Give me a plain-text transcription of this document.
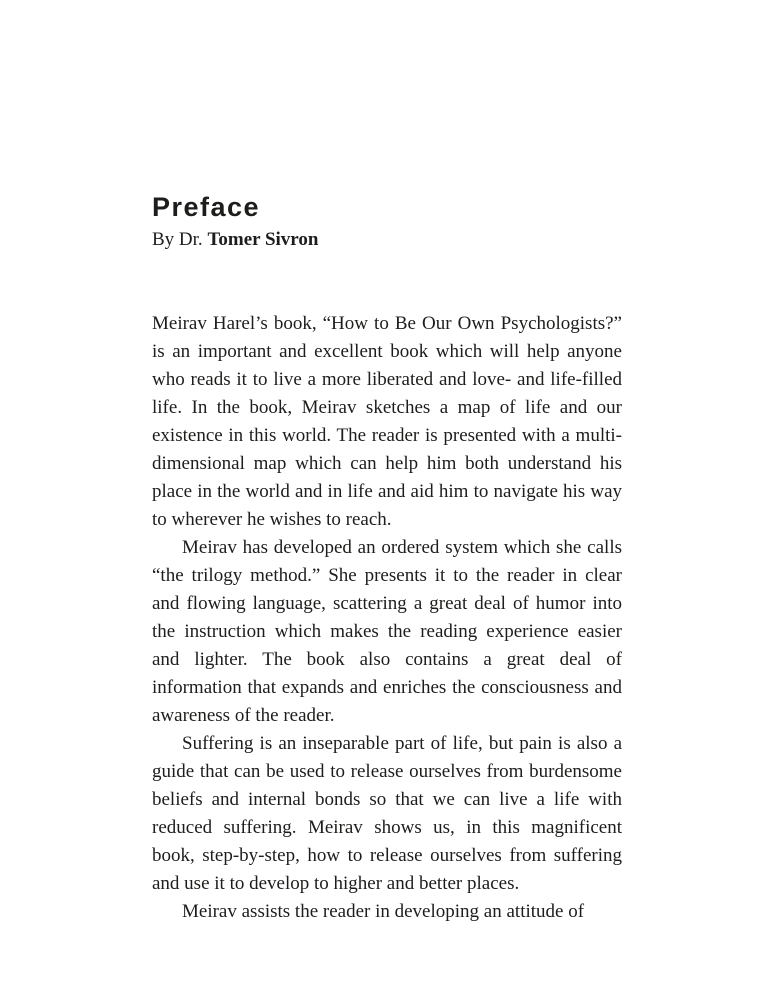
Preface

By Dr. Tomer Sivron

Meirav Harel’s book, “How to Be Our Own Psychologists?” is an important and excellent book which will help anyone who reads it to live a more liberated and love- and life-filled life. In the book, Meirav sketches a map of life and our existence in this world. The reader is presented with a multi-dimensional map which can help him both understand his place in the world and in life and aid him to navigate his way to wherever he wishes to reach.

Meirav has developed an ordered system which she calls “the trilogy method.” She presents it to the reader in clear and flowing language, scattering a great deal of humor into the instruction which makes the reading experience easier and lighter. The book also contains a great deal of information that expands and enriches the consciousness and awareness of the reader.

Suffering is an inseparable part of life, but pain is also a guide that can be used to release ourselves from burdensome beliefs and internal bonds so that we can live a life with reduced suffering. Meirav shows us, in this magnificent book, step-by-step, how to release ourselves from suffering and use it to develop to higher and better places.

Meirav assists the reader in developing an attitude of
